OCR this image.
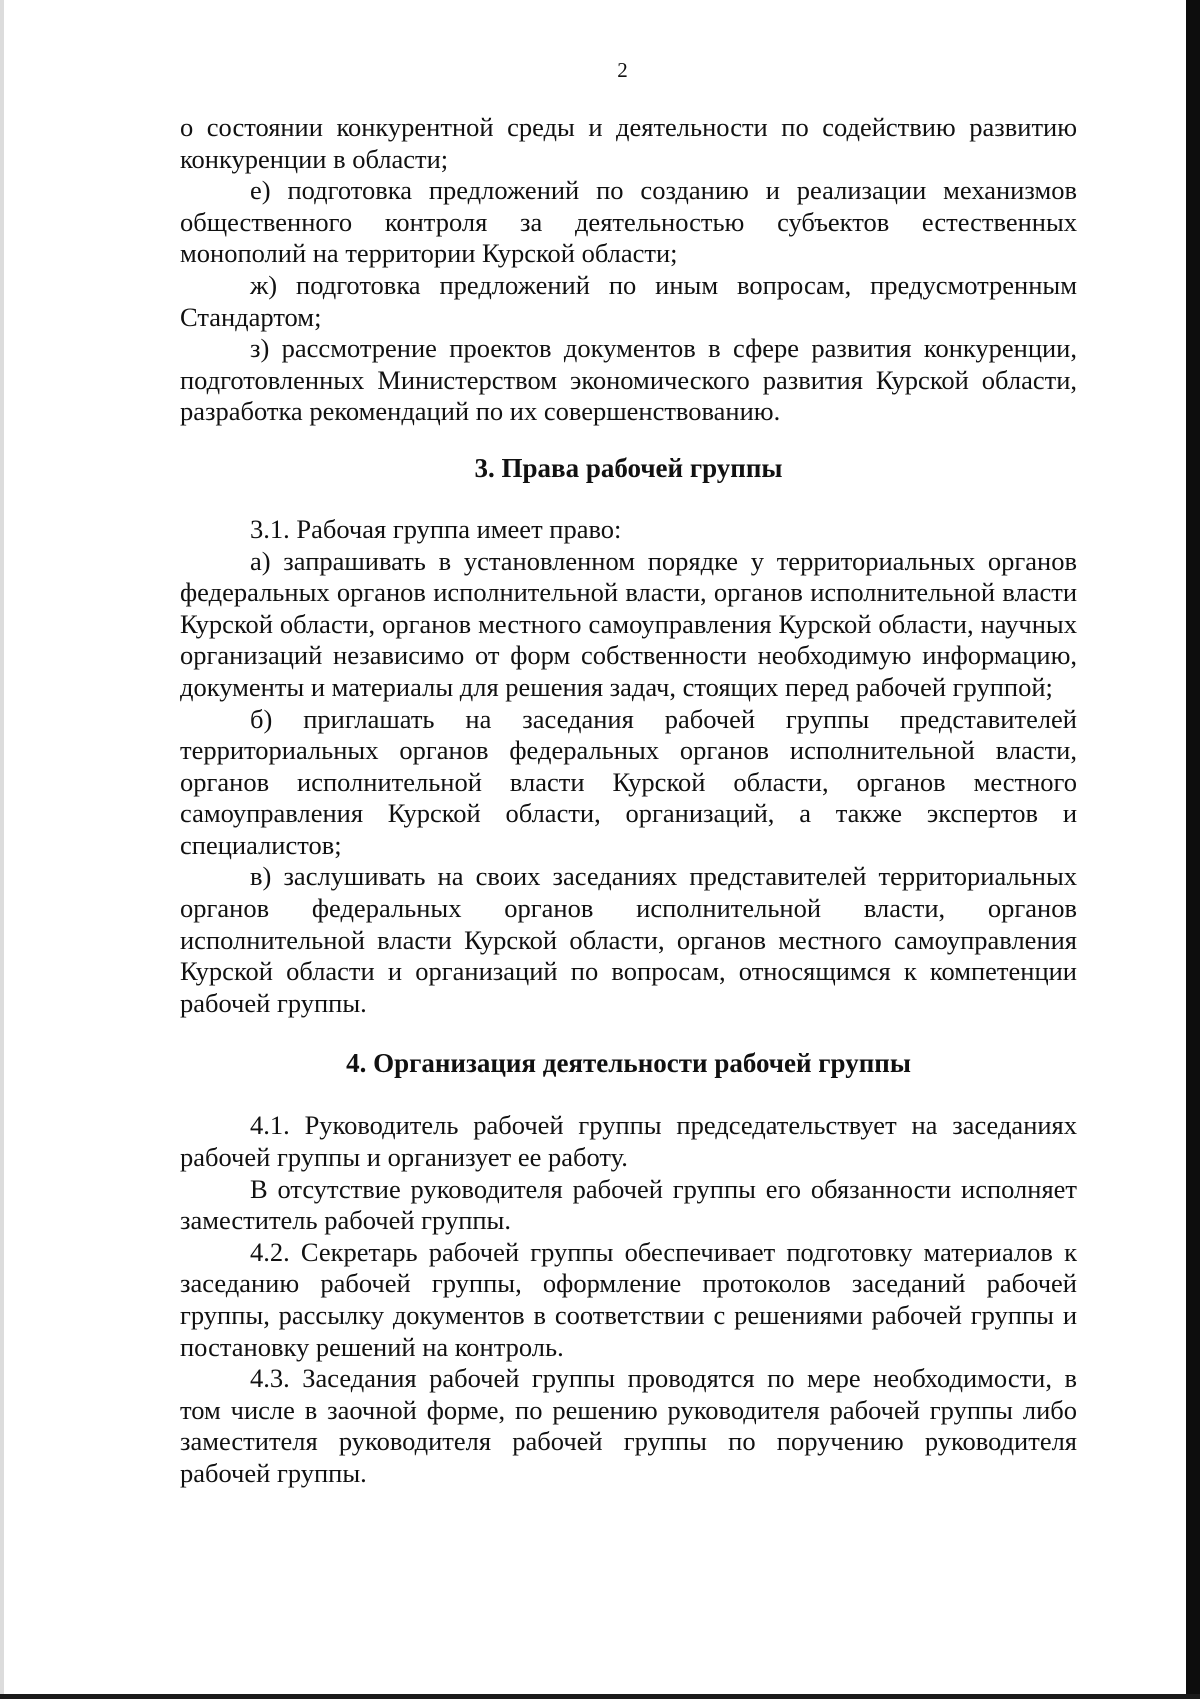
2

о состоянии конкурентной среды и деятельности по содействию развитию конкуренции в области;

е) подготовка предложений по созданию и реализации механизмов общественного контроля за деятельностью субъектов естественных монополий на территории Курской области;

ж) подготовка предложений по иным вопросам, предусмотренным Стандартом;

з) рассмотрение проектов документов в сфере развития конкуренции, подготовленных Министерством экономического развития Курской области, разработка рекомендаций по их совершенствованию.

3. Права рабочей группы

3.1. Рабочая группа имеет право:

а) запрашивать в установленном порядке у территориальных органов федеральных органов исполнительной власти, органов исполнительной власти Курской области, органов местного самоуправления Курской области, научных организаций независимо от форм собственности необходимую информацию, документы и материалы для решения задач, стоящих перед рабочей группой;

б) приглашать на заседания рабочей группы представителей территориальных органов федеральных органов исполнительной власти, органов исполнительной власти Курской области, органов местного самоуправления Курской области, организаций, а также экспертов и специалистов;

в) заслушивать на своих заседаниях представителей территориальных органов федеральных органов исполнительной власти, органов исполнительной власти Курской области, органов местного самоуправления Курской области и организаций по вопросам, относящимся к компетенции рабочей группы.

4. Организация деятельности рабочей группы

4.1. Руководитель рабочей группы председательствует на заседаниях рабочей группы и организует ее работу.

В отсутствие руководителя рабочей группы его обязанности исполняет заместитель рабочей группы.

4.2. Секретарь рабочей группы обеспечивает подготовку материалов к заседанию рабочей группы, оформление протоколов заседаний рабочей группы, рассылку документов в соответствии с решениями рабочей группы и постановку решений на контроль.

4.3. Заседания рабочей группы проводятся по мере необходимости, в том числе в заочной форме, по решению руководителя рабочей группы либо заместителя руководителя рабочей группы по поручению руководителя рабочей группы.
